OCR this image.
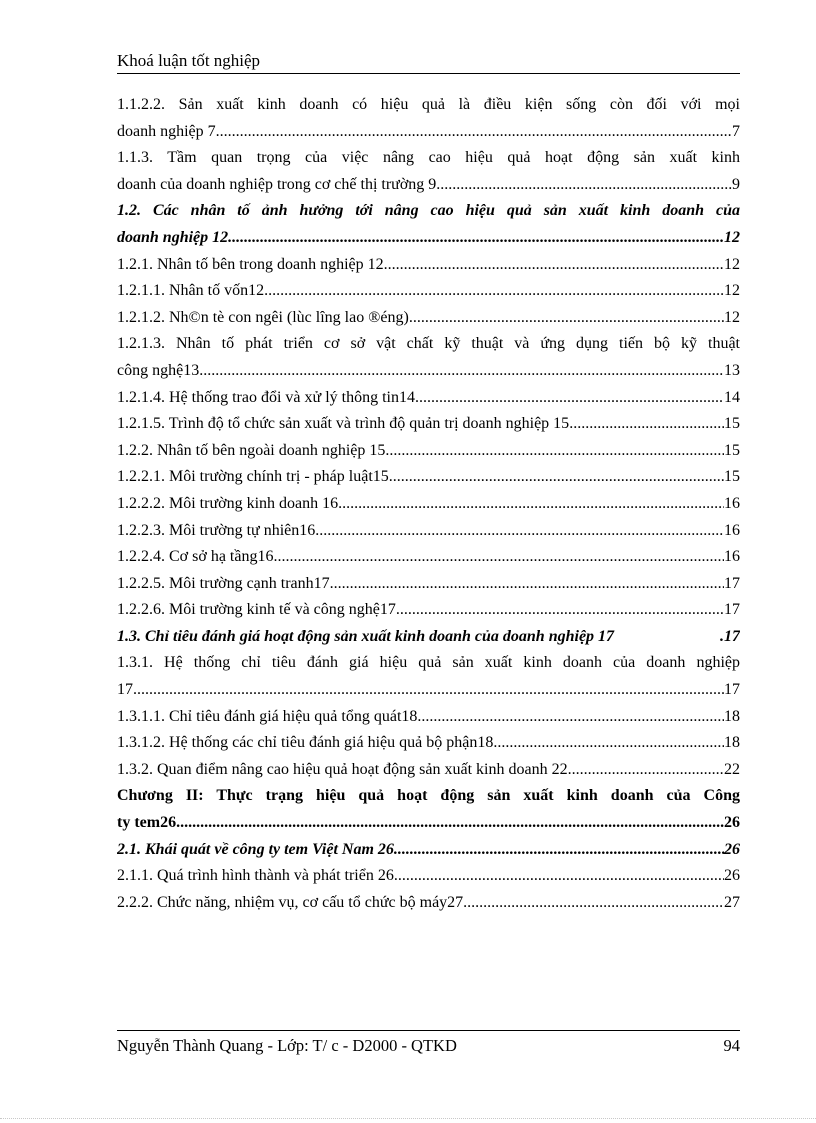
Khoá luận tốt nghiệp
1.1.2.2. Sản xuất kinh doanh có hiệu quả là điều kiện sống còn đối với mọi
doanh nghiệp 7 .....	7
1.1.3. Tầm quan trọng của việc nâng cao hiệu quả hoạt động sản xuất kinh
doanh của doanh nghiệp trong cơ chế thị trường 9 .....	9
1.2. Các nhân tố ảnh hưởng tới nâng cao hiệu quả sản xuất kinh doanh của
doanh nghiệp 12 .....	12
1.2.1. Nhân tố bên trong doanh nghiệp 12 .....	12
1.2.1.1. Nhân tố vốn12 .....	12
1.2.1.2. Nh©n tè con ngêi (lùc lîng lao ®éng) .....	12
1.2.1.3. Nhân tố phát triển cơ sở vật chất kỹ thuật và ứng dụng tiến bộ kỹ thuật
công nghệ13 .....	13
1.2.1.4. Hệ thống trao đổi và xử lý thông tin14 .....	14
1.2.1.5. Trình độ tổ chức sản xuất và trình độ quản trị doanh nghiệp 15 .....	15
1.2.2. Nhân tố bên ngoài doanh nghiệp 15 .....	15
1.2.2.1. Môi trường chính trị - pháp luật15 .....	15
1.2.2.2. Môi trường kinh doanh 16 .....	16
1.2.2.3. Môi trường tự nhiên16 .....	16
1.2.2.4. Cơ sở hạ tầng16 .....	16
1.2.2.5. Môi trường cạnh tranh17 .....	17
1.2.2.6. Môi trường kinh tế và công nghệ17 .....	17
1.3. Chỉ tiêu đánh giá hoạt động sản xuất kinh doanh của doanh nghiệp 17	.17
1.3.1. Hệ thống chỉ tiêu đánh giá hiệu quả sản xuất kinh doanh của doanh nghiệp
17 .....	17
1.3.1.1. Chỉ tiêu đánh giá hiệu quả tổng quát18 .....	18
1.3.1.2. Hệ thống các chỉ tiêu đánh giá hiệu quả bộ phận18 .....	18
1.3.2. Quan điểm nâng cao hiệu quả hoạt động sản xuất kinh doanh 22 .....	22
Chương II: Thực trạng hiệu quả hoạt động sản xuất kinh doanh của Công
ty tem26 .....	26
2.1. Khái quát về công ty tem Việt Nam 26 .....	26
2.1.1. Quá trình hình thành và phát triển 26 .....	26
2.2.2. Chức năng, nhiệm vụ, cơ cấu tổ chức bộ máy27 .....	27
Nguyễn Thành Quang - Lớp: T/ c - D2000 - QTKD	94
